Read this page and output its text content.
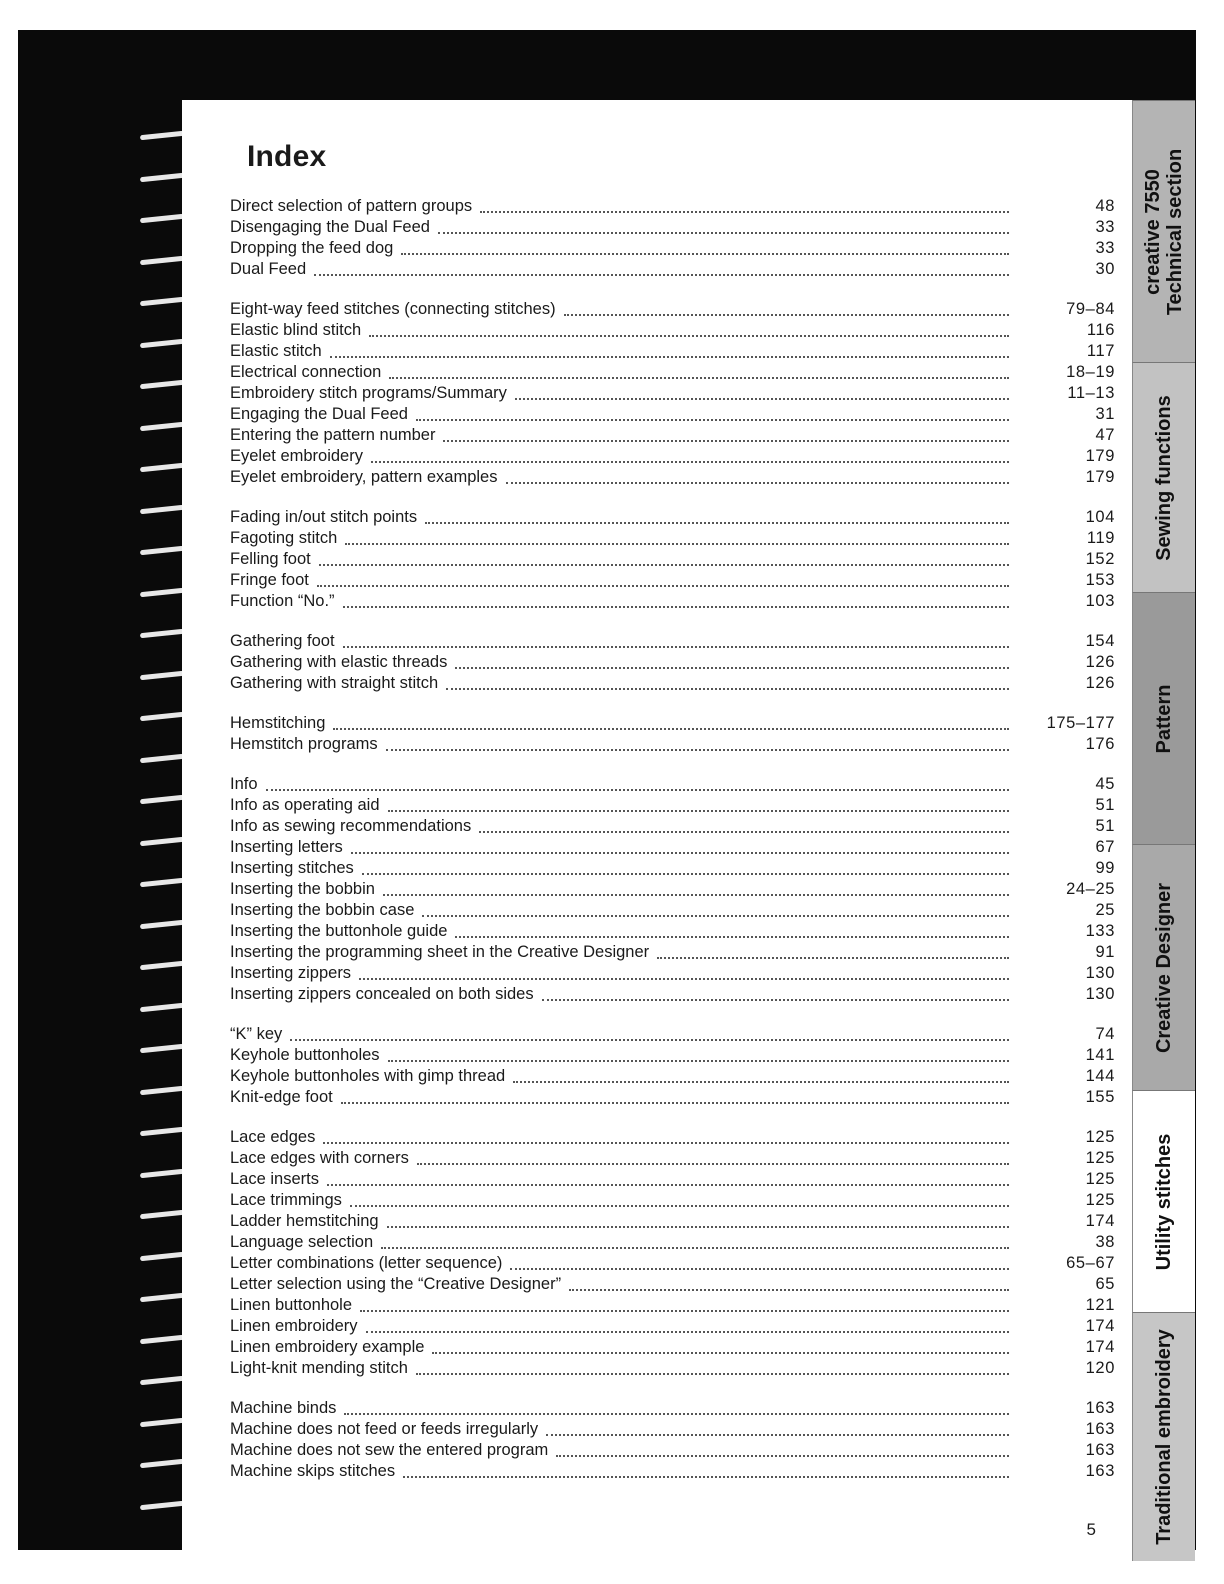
Index
Direct selection of pattern groups	48
Disengaging the Dual Feed	33
Dropping the feed dog	33
Dual Feed	30
Eight-way feed stitches (connecting stitches)	79–84
Elastic blind stitch	116
Elastic stitch	117
Electrical connection	18–19
Embroidery stitch programs/Summary	11–13
Engaging the Dual Feed	31
Entering the pattern number	47
Eyelet embroidery	179
Eyelet embroidery, pattern examples	179
Fading in/out stitch points	104
Fagoting stitch	119
Felling foot	152
Fringe foot	153
Function “No.”	103
Gathering foot	154
Gathering with elastic threads	126
Gathering with straight stitch	126
Hemstitching	175–177
Hemstitch programs	176
Info	45
Info as operating aid	51
Info as sewing recommendations	51
Inserting letters	67
Inserting stitches	99
Inserting the bobbin	24–25
Inserting the bobbin case	25
Inserting the buttonhole guide	133
Inserting the programming sheet in the Creative Designer	91
Inserting zippers	130
Inserting zippers concealed on both sides	130
“K” key	74
Keyhole buttonholes	141
Keyhole buttonholes with gimp thread	144
Knit-edge foot	155
Lace edges	125
Lace edges with corners	125
Lace inserts	125
Lace trimmings	125
Ladder hemstitching	174
Language selection	38
Letter combinations (letter sequence)	65–67
Letter selection using the “Creative Designer”	65
Linen buttonhole	121
Linen embroidery	174
Linen embroidery example	174
Light-knit mending stitch	120
Machine binds	163
Machine does not feed or feeds irregularly	163
Machine does not sew the entered program	163
Machine skips stitches	163
5
creative 7550 Technical section
Sewing functions
Pattern
Creative Designer
Utility stitches
Traditional embroidery
